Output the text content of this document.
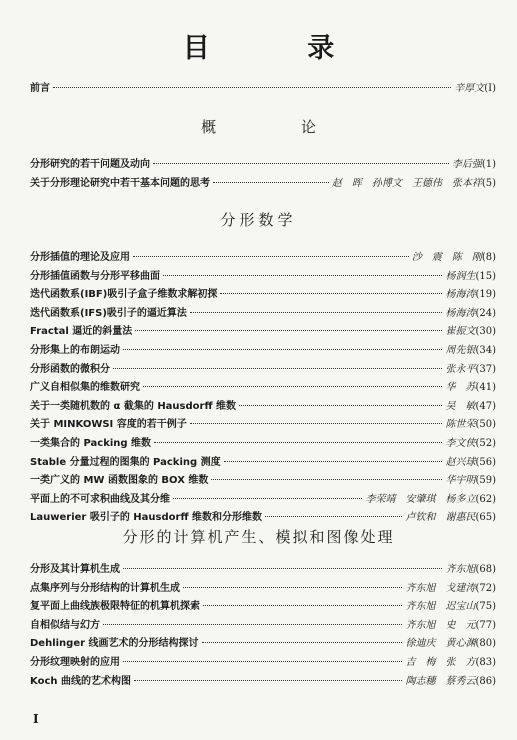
目 录
前言	辛厚文 (Ⅰ)
概 论
分形研究的若干问题及动向	李后强 (1)
关于分形理论研究中若干基本问题的思考	赵　晖　孙博文　王德伟　张本祥 (5)
分形数学
分形插值的理论及应用	沙　震　陈　刚 (8)
分形插值函数与分形平移曲面	杨润生 (15)
迭代函数系(IBF)吸引子盒子维数求解初探	杨海涛 (19)
迭代函数系(IFS)吸引子的逼近算法	杨海涛 (24)
Fractal 逼近的斜量法	崔振文 (30)
分形集上的布朗运动	周先银 (34)
分形函数的微积分	张永平 (37)
广义自相似集的维数研究	华　苏 (41)
关于一类随机数的 α 截集的 Hausdorff 维数	吴　敏 (47)
关于 MINKOWSI 容度的若干例子	陈世荣 (50)
一类集合的 Packing 维数	李文侠 (52)
Stable 分量过程的图集的 Packing 测度	赵兴球 (56)
一类广义的 MW 函数图象的 BOX 维数	华宇明 (59)
平面上的不可求积曲线及其分维	李荣靖　安肇琪　杨多立 (62)
Lauwerier 吸引子的 Hausdorff 维数和分形维数	卢钦和　谢惠民 (65)
分形的计算机产生、模拟和图像处理
分形及其计算机生成	齐东旭 (68)
点集序列与分形结构的计算机生成	齐东旭　戈建涛 (72)
复平面上曲线族极限特征的机算机探索	齐东旭　迟宝山 (75)
自相似结与幻方	齐东旭　史　元 (77)
Dehlinger 线画艺术的分形结构探讨	徐迪庆　黄心渊 (80)
分形纹理映射的应用	吉　梅　张　方 (83)
Koch 曲线的艺术构图	陶志穗　蔡秀云 (86)
I
